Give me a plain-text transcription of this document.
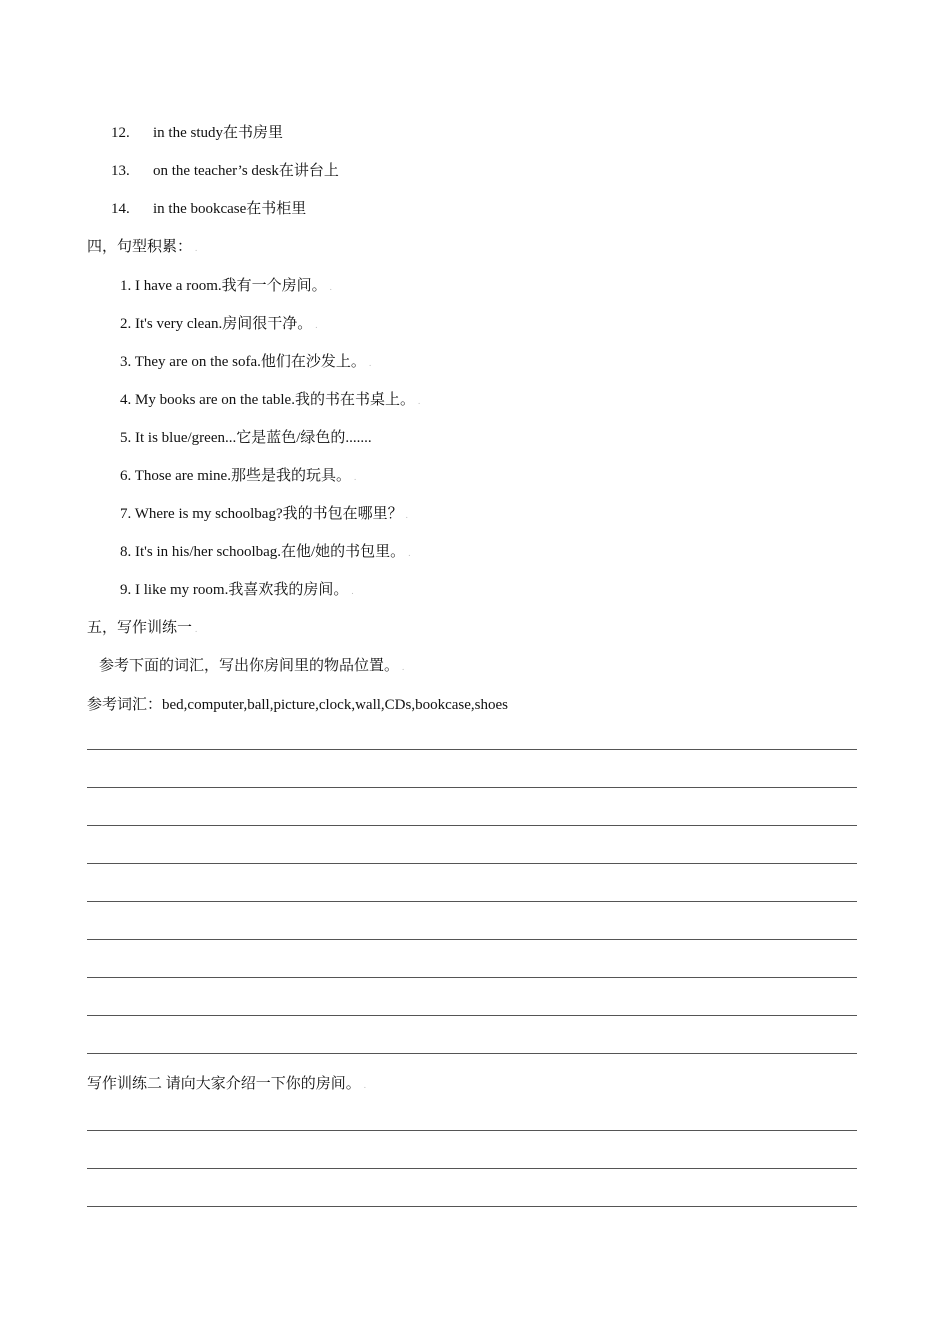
12. in the study在书房里
13. on the teacher’s desk在讲台上
14. in the bookcase在书柜里
四，句型积累： .
1. I have a room.我有一个房间。 .
2. It's very clean.房间很干净。 .
3. They are on the sofa.他们在沙发上。 .
4. My books are on the table.我的书在书桌上。 .
5. It is blue/green...它是蓝色/绿色的.......
6. Those are mine.那些是我的玩具。 .
7. Where is my schoolbag?我的书包在哪里？ .
8. It's in his/her schoolbag.在他/她的书包里。 .
9. I like my room.我喜欢我的房间。 .
五，写作训练一 .
参考下面的词汇，写出你房间里的物品位置。 .
参考词汇：bed,computer,ball,picture,clock,wall,CDs,bookcase,shoes
写作训练二 请向大家介绍一下你的房间。 .
